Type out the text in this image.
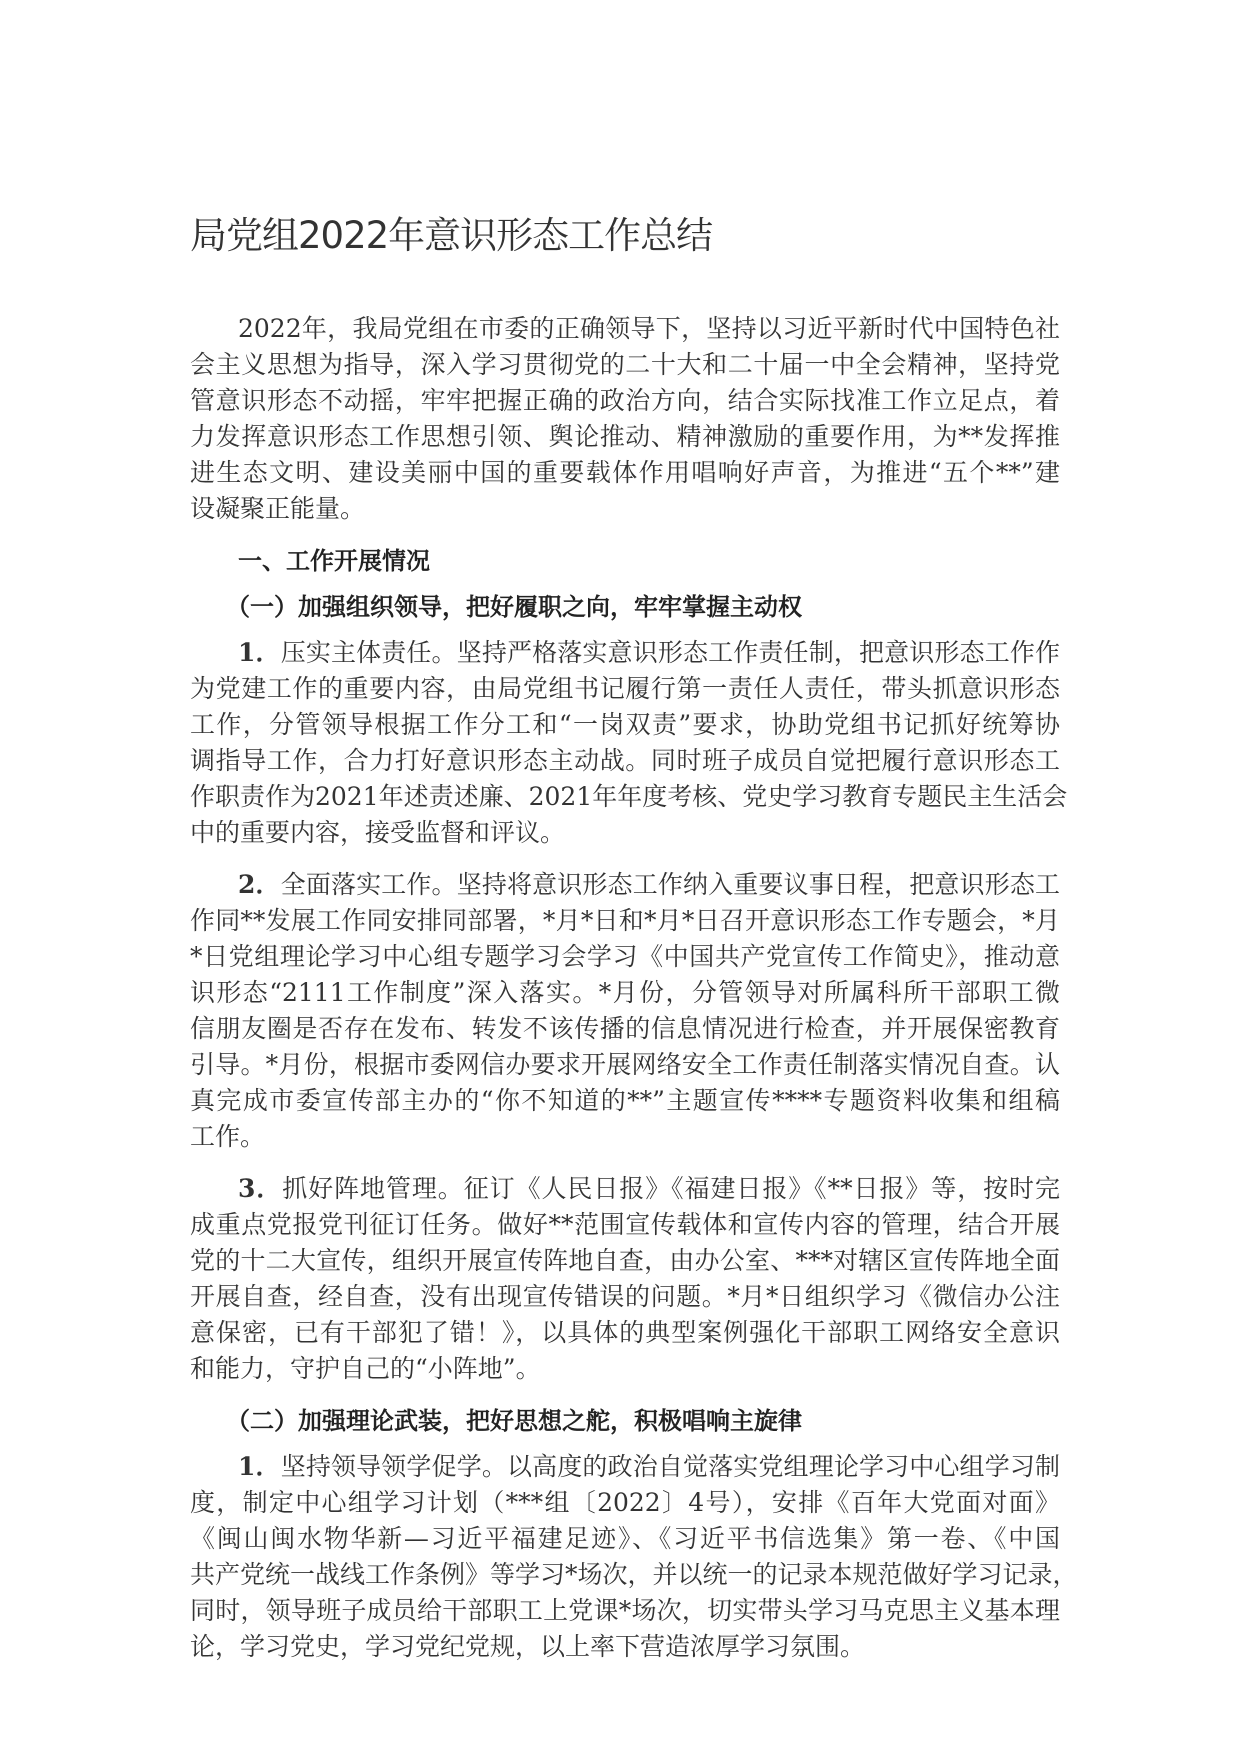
局党组2022年意识形态工作总结
2022年，我局党组在市委的正确领导下，坚持以习近平新时代中国特色社
会主义思想为指导，深入学习贯彻党的二十大和二十届一中全会精神，坚持党
管意识形态不动摇，牢牢把握正确的政治方向，结合实际找准工作立足点，着
力发挥意识形态工作思想引领、舆论推动、精神激励的重要作用，为**发挥推
进生态文明、建设美丽中国的重要载体作用唱响好声音，为推进“五个**”建
设凝聚正能量。
一、工作开展情况
（一）加强组织领导，把好履职之向，牢牢掌握主动权
1．压实主体责任。坚持严格落实意识形态工作责任制，把意识形态工作作
为党建工作的重要内容，由局党组书记履行第一责任人责任，带头抓意识形态
工作，分管领导根据工作分工和“一岗双责”要求，协助党组书记抓好统筹协
调指导工作，合力打好意识形态主动战。同时班子成员自觉把履行意识形态工
作职责作为2021年述责述廉、2021年年度考核、党史学习教育专题民主生活会
中的重要内容，接受监督和评议。
2．全面落实工作。坚持将意识形态工作纳入重要议事日程，把意识形态工
作同**发展工作同安排同部署，*月*日和*月*日召开意识形态工作专题会，*月
*日党组理论学习中心组专题学习会学习《中国共产党宣传工作简史》，推动意
识形态“2111工作制度”深入落实。*月份，分管领导对所属科所干部职工微
信朋友圈是否存在发布、转发不该传播的信息情况进行检查，并开展保密教育
引导。*月份，根据市委网信办要求开展网络安全工作责任制落实情况自查。认
真完成市委宣传部主办的“你不知道的**”主题宣传****专题资料收集和组稿
工作。
3．抓好阵地管理。征订《人民日报》《福建日报》《**日报》等，按时完
成重点党报党刊征订任务。做好**范围宣传载体和宣传内容的管理，结合开展
党的十二大宣传，组织开展宣传阵地自查，由办公室、***对辖区宣传阵地全面
开展自查，经自查，没有出现宣传错误的问题。*月*日组织学习《微信办公注
意保密，已有干部犯了错！》，以具体的典型案例强化干部职工网络安全意识
和能力，守护自己的“小阵地”。
（二）加强理论武装，把好思想之舵，积极唱响主旋律
1．坚持领导领学促学。以高度的政治自觉落实党组理论学习中心组学习制
度，制定中心组学习计划（***组〔2022〕4号），安排《百年大党面对面》
《闽山闽水物华新—习近平福建足迹》、《习近平书信选集》第一卷、《中国
共产党统一战线工作条例》等学习*场次，并以统一的记录本规范做好学习记录，
同时，领导班子成员给干部职工上党课*场次，切实带头学习马克思主义基本理
论，学习党史，学习党纪党规，以上率下营造浓厚学习氛围。
